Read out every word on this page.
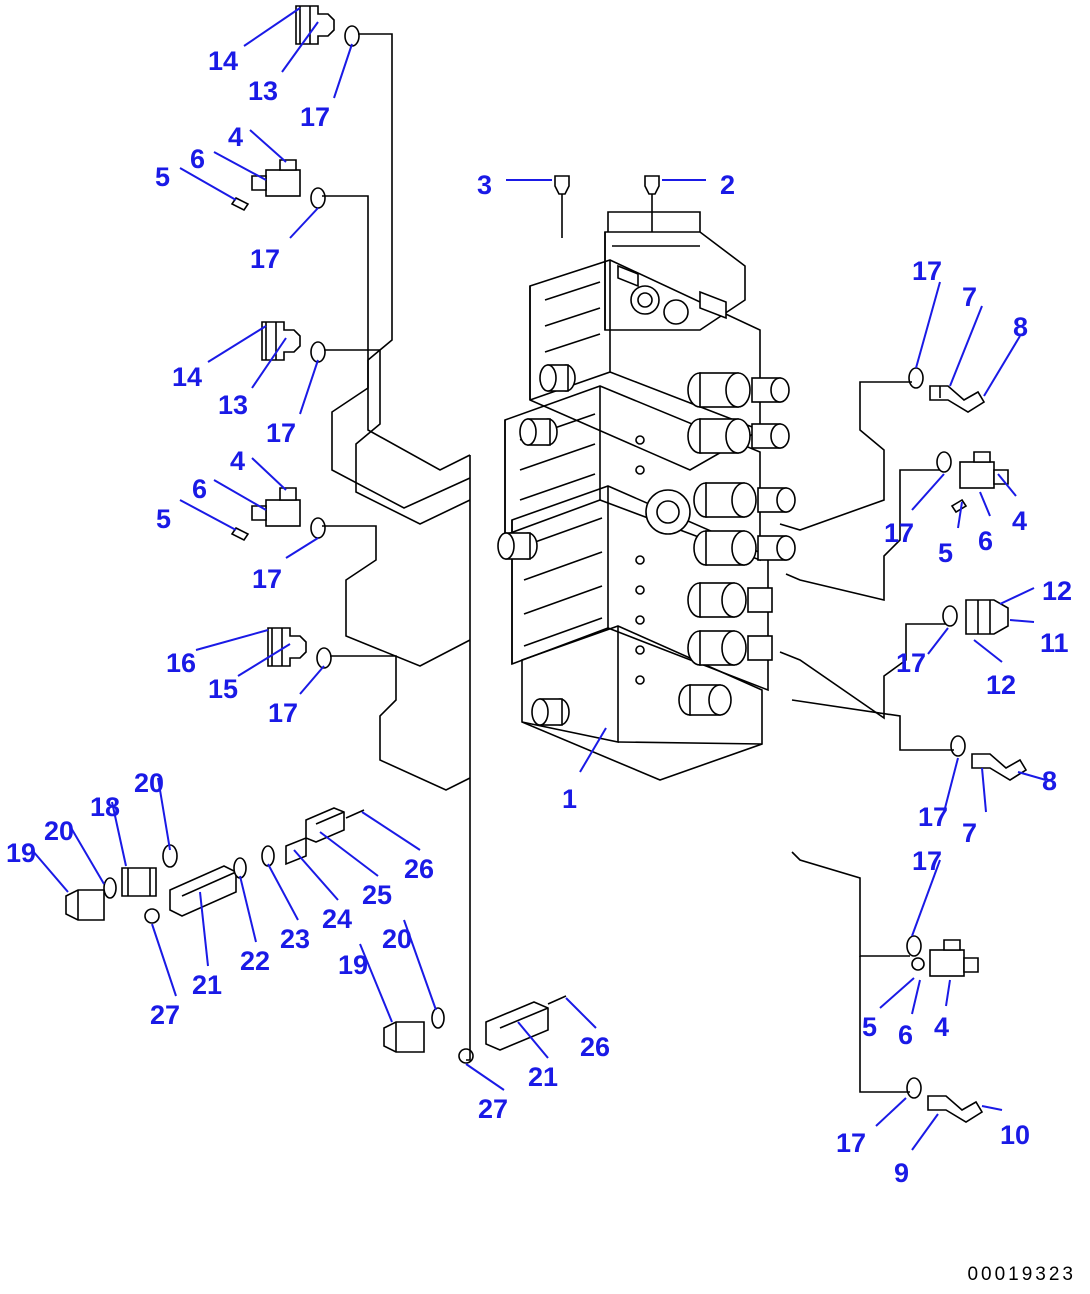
14
13
17
4
6
5
17
3	2
17
7
8
14
13
17
4
6
5
17
17
5 6
4
12
11
12
17
16
15
17
1
20
18
20
19
26
25
24
23
22
21
27
20
19
26
21
27
17
7
8
17
5 6 4
17
9
10
00019323
